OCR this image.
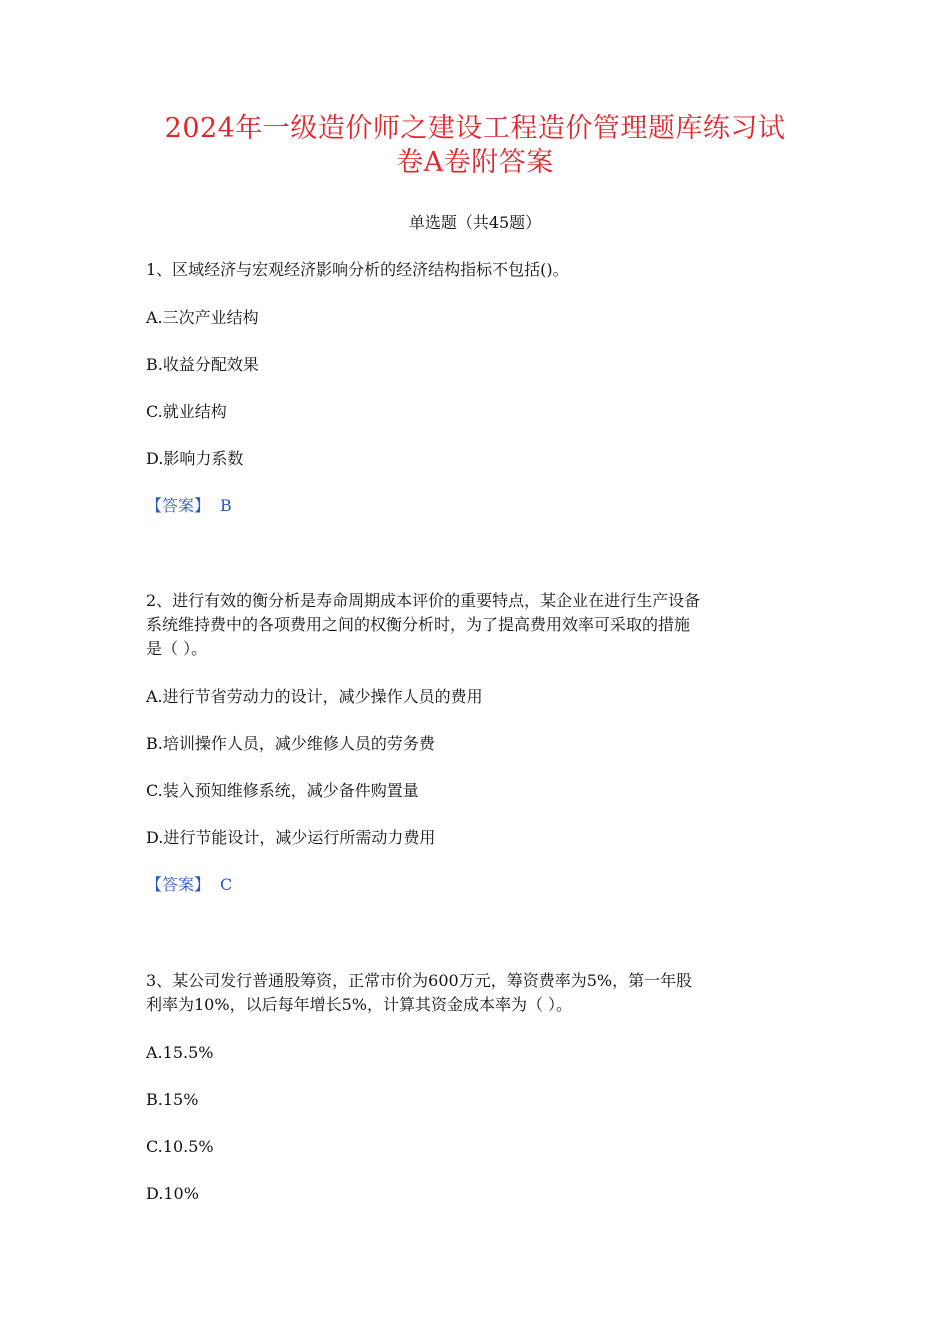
2024年一级造价师之建设工程造价管理题库练习试
卷A卷附答案
单选题（共45题）
1、区域经济与宏观经济影响分析的经济结构指标不包括()。
A.三次产业结构
B.收益分配效果
C.就业结构
D.影响力系数
【答案】 B
2、进行有效的衡分析是寿命周期成本评价的重要特点，某企业在进行生产设备
系统维持费中的各项费用之间的权衡分析时，为了提高费用效率可采取的措施
是（ ）。
A.进行节省劳动力的设计，减少操作人员的费用
B.培训操作人员，减少维修人员的劳务费
C.装入预知维修系统，减少备件购置量
D.进行节能设计，减少运行所需动力费用
【答案】 C
3、某公司发行普通股筹资，正常市价为600万元，筹资费率为5%，第一年股
利率为10%，以后每年增长5%，计算其资金成本率为（ ）。
A.15.5%
B.15%
C.10.5%
D.10%
